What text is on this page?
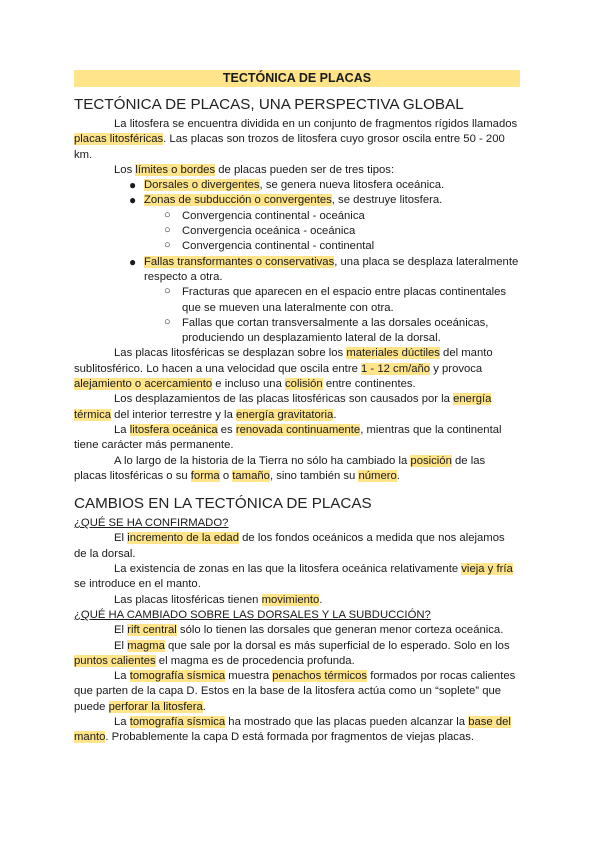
TECTÓNICA DE PLACAS
TECTÓNICA DE PLACAS, UNA PERSPECTIVA GLOBAL

La litosfera se encuentra dividida en un conjunto de fragmentos rígidos llamados placas litosféricas. Las placas son trozos de litosfera cuyo grosor oscila entre 50 - 200 km.

Los límites o bordes de placas pueden ser de tres tipos:

● Dorsales o divergentes, se genera nueva litosfera oceánica.
● Zonas de subducción o convergentes, se destruye litosfera.
○ Convergencia continental - oceánica
○ Convergencia oceánica - oceánica
○ Convergencia continental - continental
● Fallas transformantes o conservativas, una placa se desplaza lateralmente respecto a otra.
○ Fracturas que aparecen en el espacio entre placas continentales que se mueven una lateralmente con otra.
○ Fallas que cortan transversalmente a las dorsales oceánicas, produciendo un desplazamiento lateral de la dorsal.

Las placas litosféricas se desplazan sobre los materiales dúctiles del manto sublitosférico. Lo hacen a una velocidad que oscila entre 1 - 12 cm/año y provoca alejamiento o acercamiento e incluso una colisión entre continentes.

Los desplazamientos de las placas litosféricas son causados por la energía térmica del interior terrestre y la energía gravitatoria.

La litosfera oceánica es renovada continuamente, mientras que la continental tiene carácter más permanente.

A lo largo de la historia de la Tierra no sólo ha cambiado la posición de las placas litosféricas o su forma o tamaño, sino también su número.

CAMBIOS EN LA TECTÓNICA DE PLACAS

¿QUÉ SE HA CONFIRMADO?

El incremento de la edad de los fondos oceánicos a medida que nos alejamos de la dorsal.

La existencia de zonas en las que la litosfera oceánica relativamente vieja y fría se introduce en el manto.

Las placas litosféricas tienen movimiento.

¿QUÉ HA CAMBIADO SOBRE LAS DORSALES Y LA SUBDUCCIÓN?

El rift central sólo lo tienen las dorsales que generan menor corteza oceánica.

El magma que sale por la dorsal es más superficial de lo esperado. Solo en los puntos calientes el magma es de procedencia profunda.

La tomografía sísmica muestra penachos térmicos formados por rocas calientes que parten de la capa D. Estos en la base de la litosfera actúa como un “soplete” que puede perforar la litosfera.

La tomografía sísmica ha mostrado que las placas pueden alcanzar la base del manto. Probablemente la capa D está formada por fragmentos de viejas placas.
